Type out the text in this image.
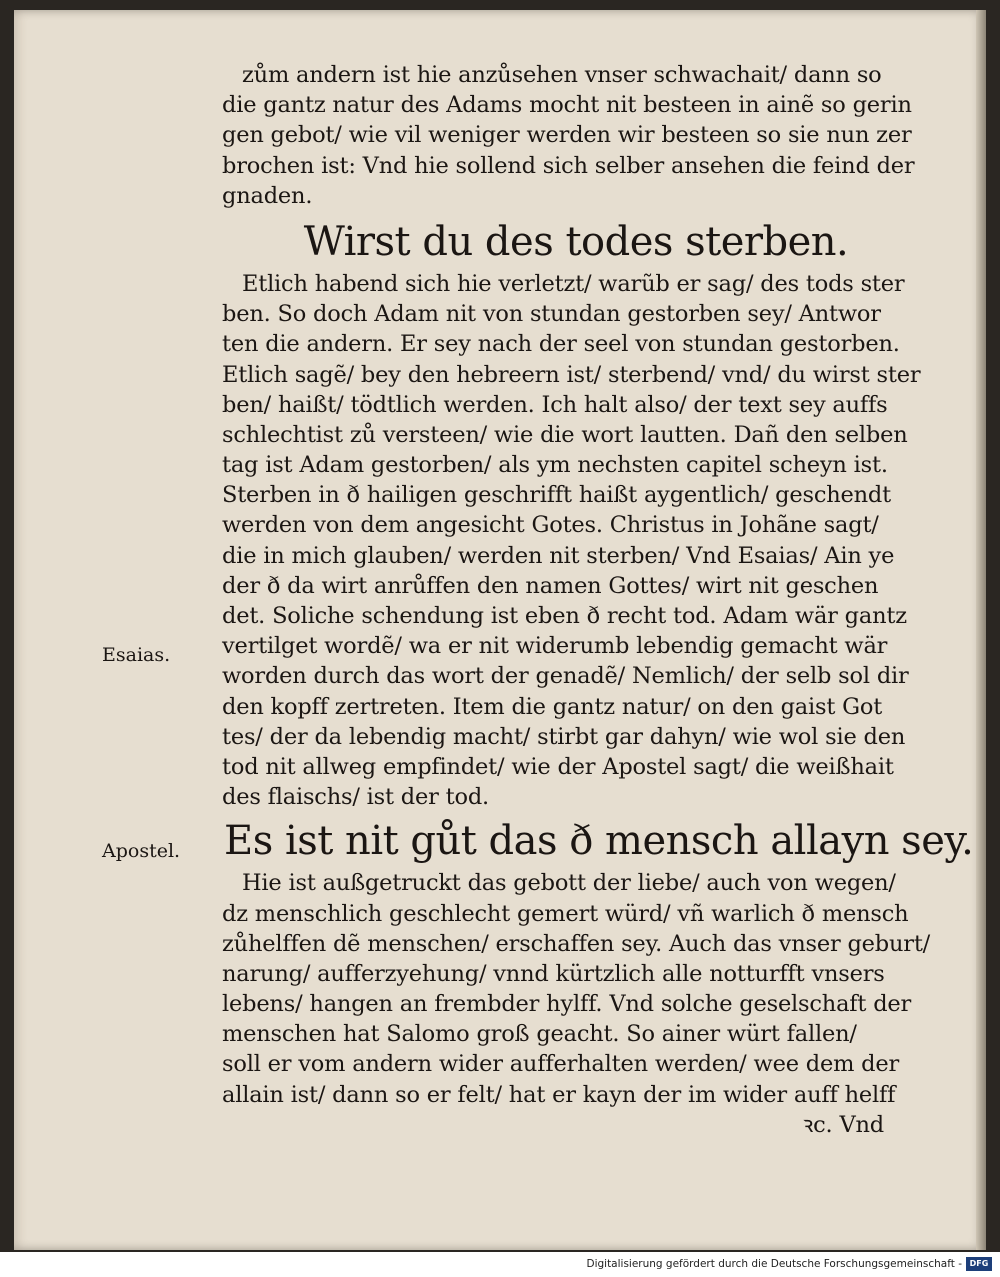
zům andern ist hie anzůsehen vnser schwachait/ dann so
die gantz natur des Adams mocht nit besteen in ainẽ so gerin
gen gebot/ wie vil weniger werden wir besteen so sie nun zer
brochen ist: Vnd hie sollend sich selber ansehen die feind der
gnaden.
Wirst du des todes sterben.
Etlich habend sich hie verletzt/ warũb er sag/ des tods ster
ben. So doch Adam nit von stundan gestorben sey/ Antwor
ten die andern. Er sey nach der seel von stundan gestorben.
Etlich sagẽ/ bey den hebreern ist/ sterbend/ vnd/ du wirst ster
ben/ haißt/ tödtlich werden. Ich halt also/ der text sey auffs
schlechtist zů versteen/ wie die wort lautten. Dañ den selben
tag ist Adam gestorben/ als ym nechsten capitel scheyn ist.
Sterben in ð hailigen geschrifft haißt aygentlich/ geschendt
werden von dem angesicht Gotes. Christus in Johãne sagt/
die in mich glauben/ werden nit sterben/ Vnd Esaias/ Ain ye
der ð da wirt anrůffen den namen Gottes/ wirt nit geschen
det. Soliche schendung ist eben ð recht tod. Adam wär gantz
vertilget wordẽ/ wa er nit widerumb lebendig gemacht wär
worden durch das wort der genadẽ/ Nemlich/ der selb sol dir
den kopff zertreten. Item die gantz natur/ on den gaist Got
tes/ der da lebendig macht/ stirbt gar dahyn/ wie wol sie den
tod nit allweg empfindet/ wie der Apostel sagt/ die weißhait
des flaischs/ ist der tod.
Es ist nit gůt das ð mensch allayn sey.
Hie ist außgetruckt das gebott der liebe/ auch von wegen/
dz menschlich geschlecht gemert würd/ vñ warlich ð mensch
zůhelffen dẽ menschen/ erschaffen sey. Auch das vnser geburt/
narung/ aufferzyehung/ vnnd kürtzlich alle notturfft vnsers
lebens/ hangen an frembder hylff. Vnd solche geselschaft der
menschen hat Salomo groß geacht. So ainer würt fallen/
soll er vom andern wider aufferhalten werden/ wee dem der
allain ist/ dann so er felt/ hat er kayn der im wider auff helff
ꝛc. Vnd
Esaias.
Apostel.
Digitalisierung gefördert durch die Deutsche Forschungsgemeinschaft - DFG
